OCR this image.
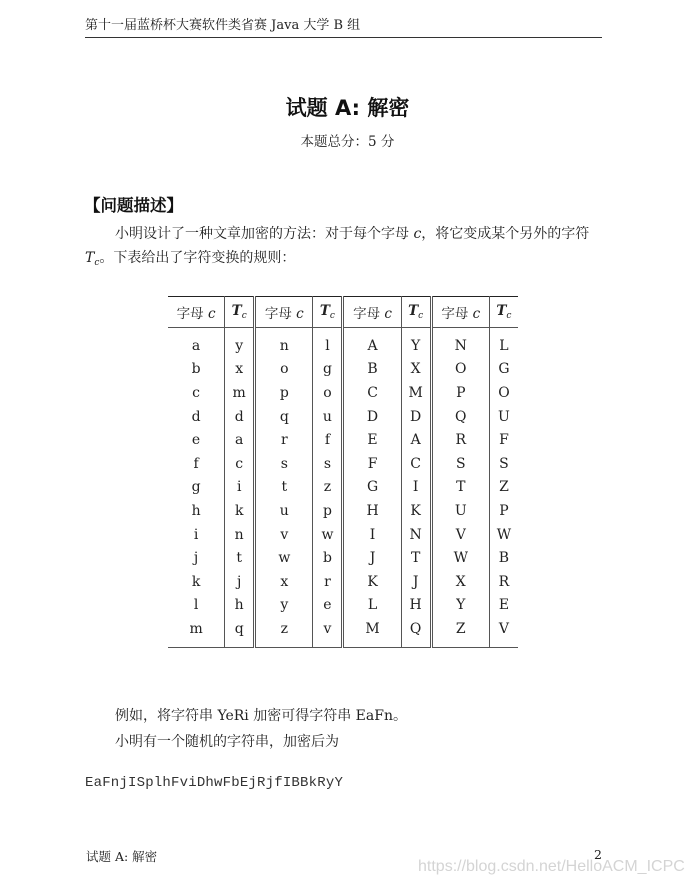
第十一届蓝桥杯大赛软件类省赛 Java 大学 B 组
试题 A: 解密
本题总分：5 分
【问题描述】
小明设计了一种文章加密的方法：对于每个字母 c，将它变成某个另外的字符 $T_c$。下表给出了字符变换的规则：
字母 c	$T_c$	字母 c	$T_c$	字母 c	$T_c$	字母 c	$T_c$
a	y	n	l	A	Y	N	L
b	x	o	g	B	X	O	G
c	m	p	o	C	M	P	O
d	d	q	u	D	D	Q	U
e	a	r	f	E	A	R	F
f	c	s	s	F	C	S	S
g	i	t	z	G	I	T	Z
h	k	u	p	H	K	U	P
i	n	v	w	I	N	V	W
j	t	w	b	J	T	W	B
k	j	x	r	K	J	X	R
l	h	y	e	L	H	Y	E
m	q	z	v	M	Q	Z	V
例如，将字符串 YeRi 加密可得字符串 EaFn。
小明有一个随机的字符串，加密后为
EaFnjISplhFviDhwFbEjRjfIBBkRyY
试题 A: 解密	2
https://blog.csdn.net/HelloACM_ICPC
